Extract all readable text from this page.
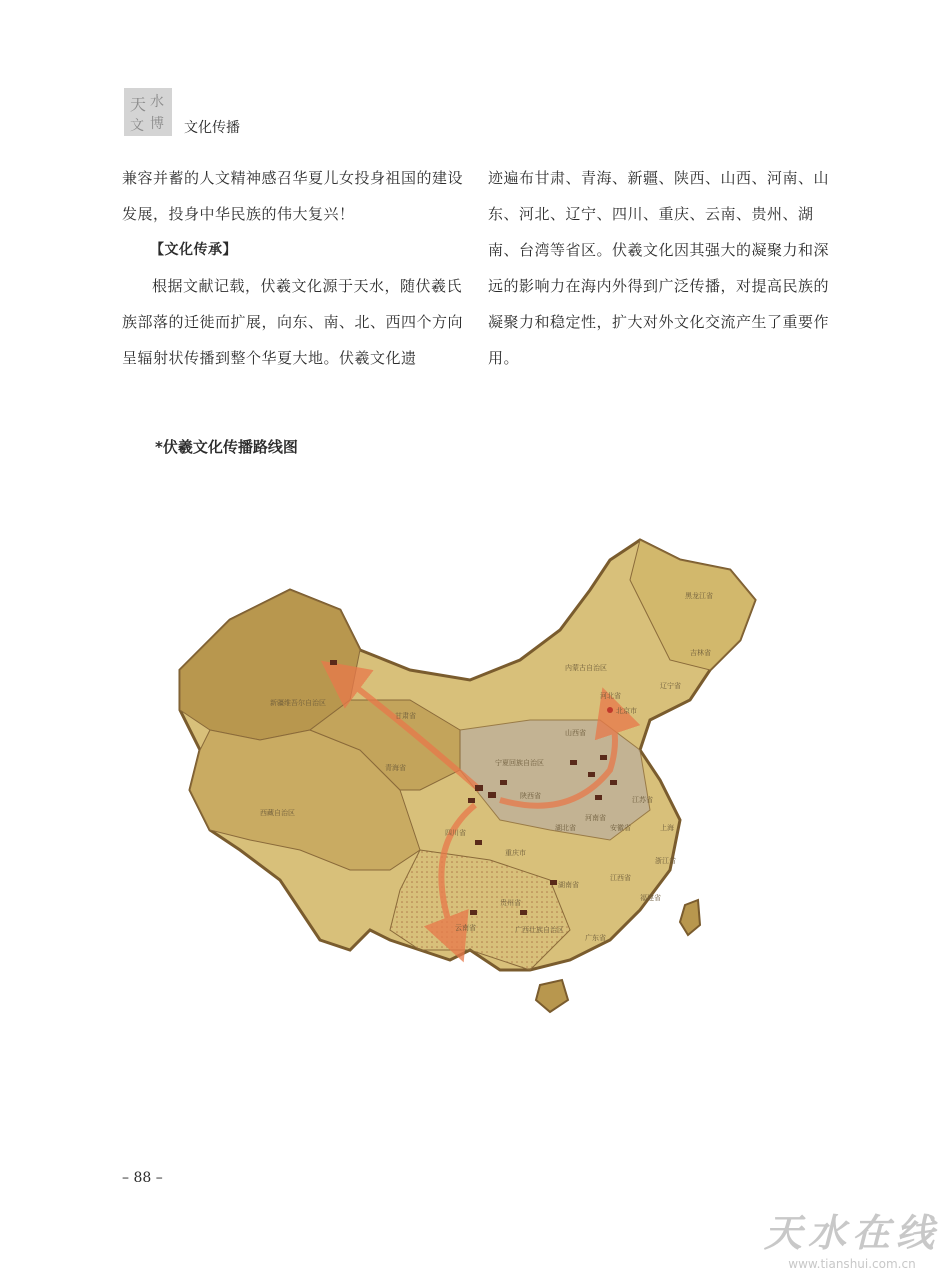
天 水
文 博 文化传播

兼容并蓄的人文精神感召华夏儿女投身祖国的建设发展，投身中华民族的伟大复兴！

【文化传承】

根据文献记载，伏羲文化源于天水，随伏羲氏族部落的迁徙而扩展，向东、南、北、西四个方向呈辐射状传播到整个华夏大地。伏羲文化遗

迹遍布甘肃、青海、新疆、陕西、山西、河南、山东、河北、辽宁、四川、重庆、云南、贵州、湖南、台湾等省区。伏羲文化因其强大的凝聚力和深远的影响力在海内外得到广泛传播，对提高民族的凝聚力和稳定性，扩大对外文化交流产生了重要作用。

*伏羲文化传播路线图
黑龙江省
吉林省
辽宁省
内蒙古自治区
河北省
北京市
新疆维吾尔自治区
甘肃省
山西省
宁夏回族自治区
青海省
陕西省	江苏省
河南省
安徽省	上海
西藏自治区
四川省
重庆市
湖北省
浙江省
湖南省
江西省
贵州省
福建省
云南省	广西壮族自治区
广东省
– 88 –
天水在线
www.tianshui.com.cn
